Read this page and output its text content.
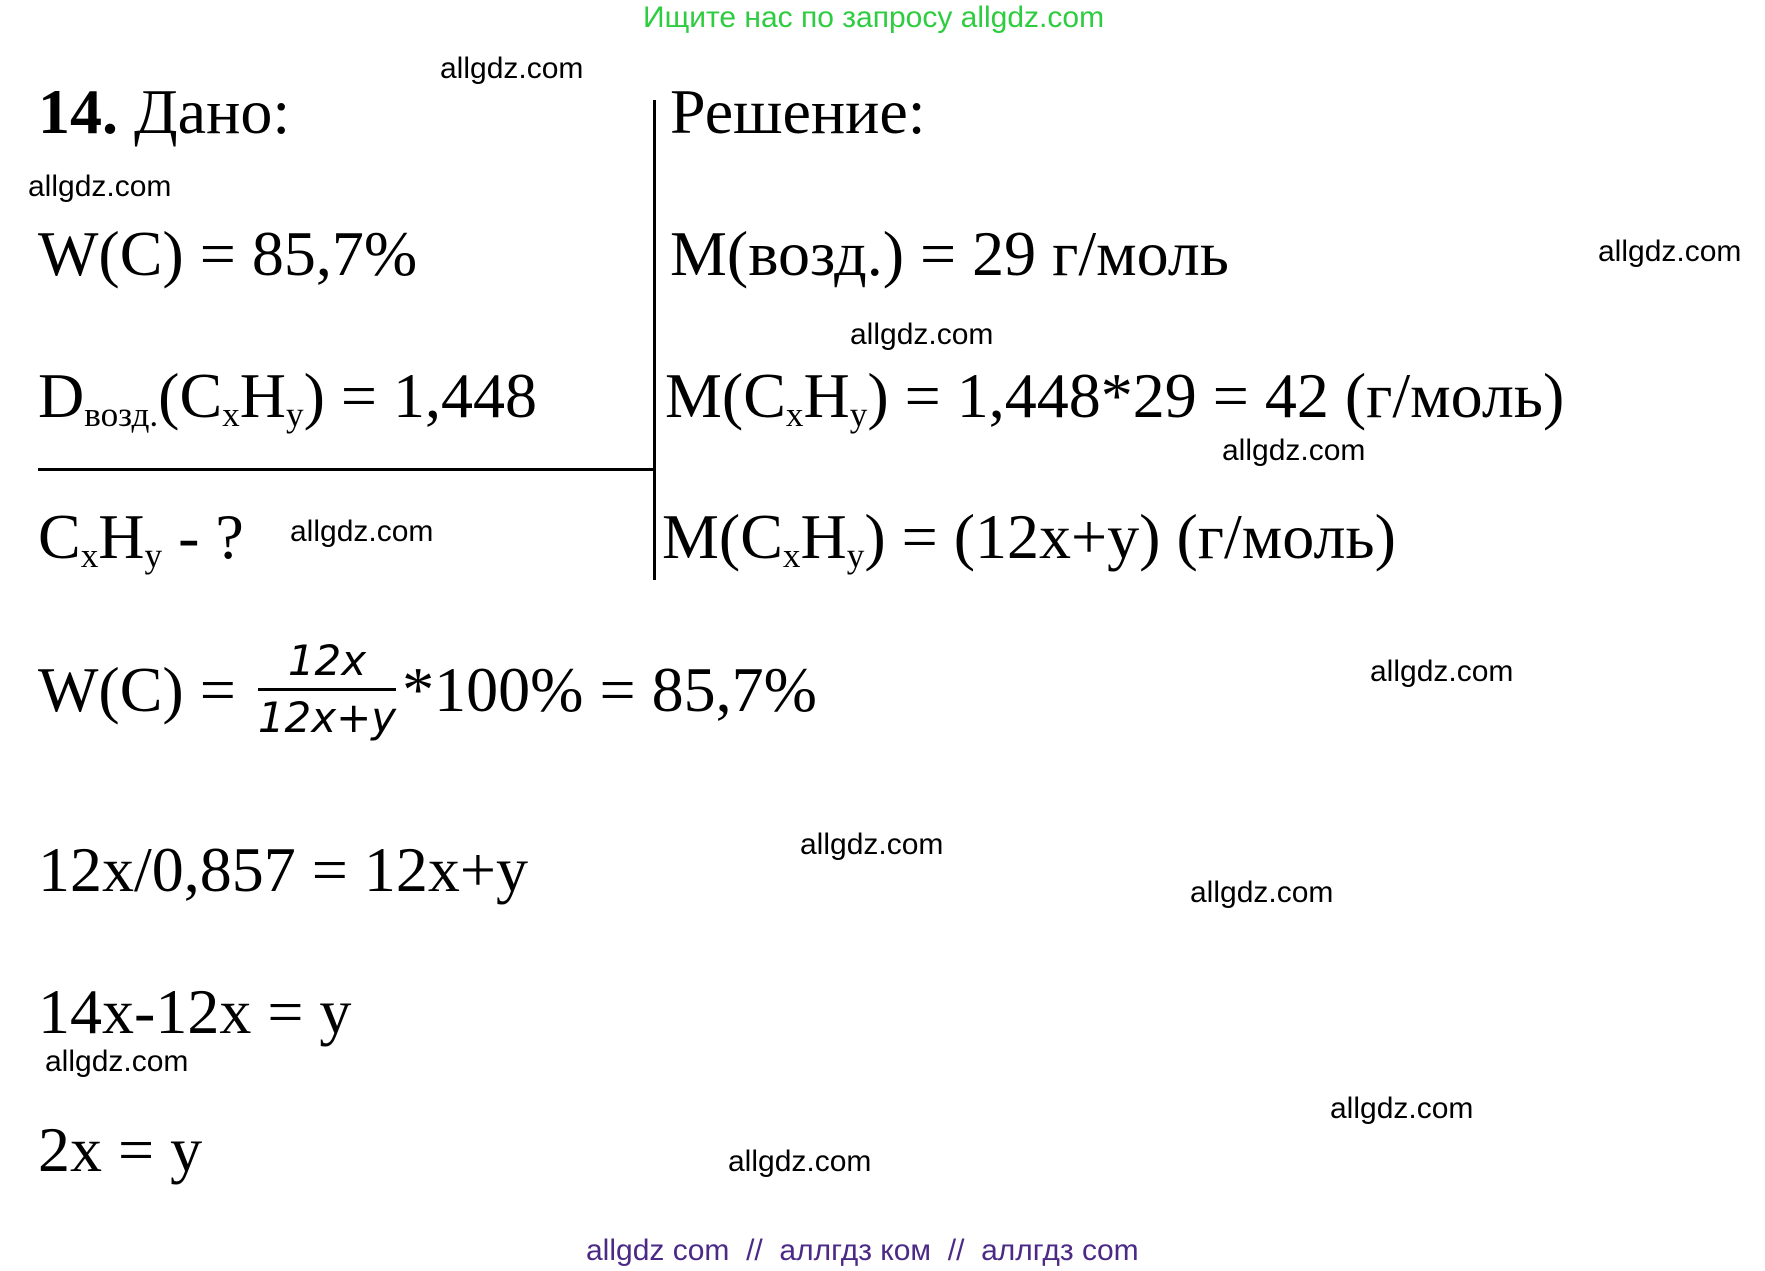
Ищите нас по запросу allgdz.com
allgdz.com
allgdz.com
allgdz.com
allgdz.com
allgdz.com
allgdz.com
allgdz.com
allgdz.com
allgdz.com
allgdz.com
allgdz.com
allgdz.com
14. Дано:	Решение:
W(C) = 85,7%
$D_{возд.}(C_xH_y) = 1,448$
$C_xH_y$ - ?
M(возд.) = 29 г/моль
$M(C_xH_y) = 1,448*29 = 42$ (г/моль)
$M(C_xH_y) = (12x+y)$ (г/моль)
$W(C) = \frac{12x}{12x+y} *100\% = 85,7\%$
12x/0,857 = 12x+y
14x-12x = y
2x = y
allgdz com  //  аллгдз ком  //  аллгдз com
